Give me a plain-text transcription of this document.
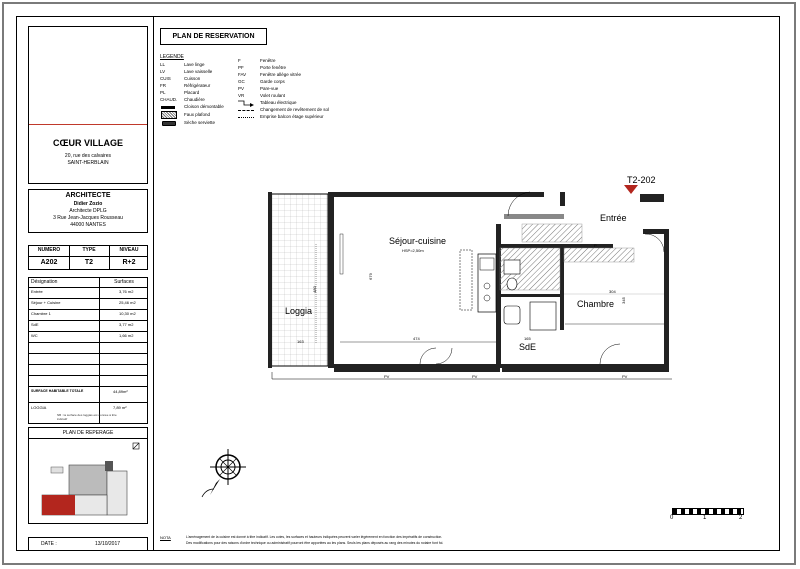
CŒUR VILLAGE
20, rue des calvaires
SAINT-HERBLAIN
ARCHITECTE
Didier Zozio
Architecte DPLG
3 Rue Jean-Jacques Rousseau
44000 NANTES
NUMERO	TYPE	NIVEAU
A202	T2	R+2
Désignation	Surfaces
Entrée	3,76 m2
Séjour + Cuisine	25,46 m2
Chambre 1	10,30 m2
SdE	3,77 m2
WC	1,66 m2
SURFACE HABITABLE TOTALE	44,89m²
LOGGIA	7,89 m²
NB : la surface des loggias est donnée à titre indicatif
PLAN DE REPERAGE
DATE :	13/10/2017
PLAN DE RESERVATION
LEGENDE
LL	Lave linge
LV	Lave vaisselle
CUIS	Cuisson
FR	Réfrigérateur
PL	Placard
CHAUD. Chaudière
Cloison démontable
Faux plafond
Sèche serviette
F	Fenêtre
PF	Porte fenêtre
FAV	Fenêtre allège vitrée
GC	Garde corps
PV	Pare-vue
VR	Volet roulant
Tableau électrique
Changement de revêtement de sol
Emprise balcon étage supérieur
T2-202
Entrée
Séjour-cuisine
HSP=2,50m
Chambre
Loggia
SdE
474
304
165
163
679
480
345
PV	PV	PV
P
0	1	2
NOTA	L'aménagement de la cuisine est donné à titre indicatif. Les cotes, les surfaces et hauteurs indiquées peuvent varier légèrement en fonction des impératifs de construction.
Des modifications pour des raisons d'ordre technique ou administratif pourront être apportées au les plans. Seuls les plans déposés au rang des minutes du notaire font foi.
